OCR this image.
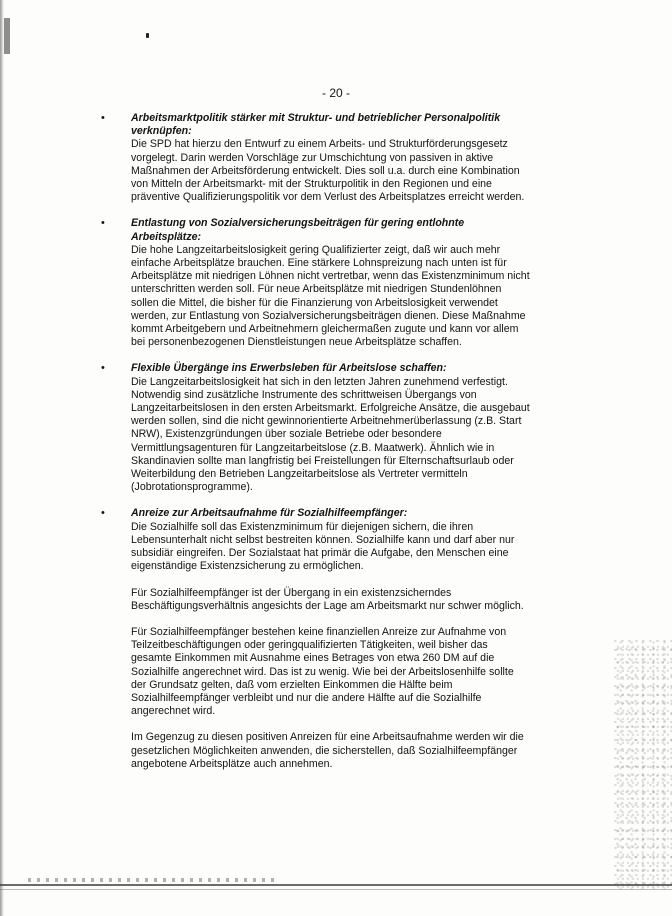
- 20 -
• Arbeitsmarktpolitik stärker mit Struktur- und betrieblicher Personalpolitik verknüpfen:

Die SPD hat hierzu den Entwurf zu einem Arbeits- und Strukturförderungsgesetz vorgelegt. Darin werden Vorschläge zur Umschichtung von passiven in aktive Maßnahmen der Arbeitsförderung entwickelt. Dies soll u.a. durch eine Kombination von Mitteln der Arbeitsmarkt- mit der Strukturpolitik in den Regionen und eine präventive Qualifizierungspolitik vor dem Verlust des Arbeitsplatzes erreicht werden.

• Entlastung von Sozialversicherungsbeiträgen für gering entlohnte Arbeitsplätze:

Die hohe Langzeitarbeitslosigkeit gering Qualifizierter zeigt, daß wir auch mehr einfache Arbeitsplätze brauchen. Eine stärkere Lohnspreizung nach unten ist für Arbeitsplätze mit niedrigen Löhnen nicht vertretbar, wenn das Existenzminimum nicht unterschritten werden soll. Für neue Arbeitsplätze mit niedrigen Stundenlöhnen sollen die Mittel, die bisher für die Finanzierung von Arbeitslosigkeit verwendet werden, zur Entlastung von Sozialversicherungsbeiträgen dienen. Diese Maßnahme kommt Arbeitgebern und Arbeitnehmern gleichermaßen zugute und kann vor allem bei personenbezogenen Dienstleistungen neue Arbeitsplätze schaffen.

• Flexible Übergänge ins Erwerbsleben für Arbeitslose schaffen:

Die Langzeitarbeitslosigkeit hat sich in den letzten Jahren zunehmend verfestigt. Notwendig sind zusätzliche Instrumente des schrittweisen Übergangs von Langzeitarbeitslosen in den ersten Arbeitsmarkt. Erfolgreiche Ansätze, die ausgebaut werden sollen, sind die nicht gewinnorientierte Arbeitnehmerüberlassung (z.B. Start NRW), Existenzgründungen über soziale Betriebe oder besondere Vermittlungsagenturen für Langzeitarbeitslose (z.B. Maatwerk). Ähnlich wie in Skandinavien sollte man langfristig bei Freistellungen für Elternschaftsurlaub oder Weiterbildung den Betrieben Langzeitarbeitslose als Vertreter vermitteln (Jobrotationsprogramme).

• Anreize zur Arbeitsaufnahme für Sozialhilfeempfänger:

Die Sozialhilfe soll das Existenzminimum für diejenigen sichern, die ihren Lebensunterhalt nicht selbst bestreiten können. Sozialhilfe kann und darf aber nur subsidiär eingreifen. Der Sozialstaat hat primär die Aufgabe, den Menschen eine eigenständige Existenzsicherung zu ermöglichen.

Für Sozialhilfeempfänger ist der Übergang in ein existenzsicherndes Beschäftigungsverhältnis angesichts der Lage am Arbeitsmarkt nur schwer möglich.

Für Sozialhilfeempfänger bestehen keine finanziellen Anreize zur Aufnahme von Teilzeitbeschäftigungen oder geringqualifizierten Tätigkeiten, weil bisher das gesamte Einkommen mit Ausnahme eines Betrages von etwa 260 DM auf die Sozialhilfe angerechnet wird. Das ist zu wenig. Wie bei der Arbeitslosenhilfe sollte der Grundsatz gelten, daß vom erzielten Einkommen die Hälfte beim Sozialhilfeempfänger verbleibt und nur die andere Hälfte auf die Sozialhilfe angerechnet wird.

Im Gegenzug zu diesen positiven Anreizen für eine Arbeitsaufnahme werden wir die gesetzlichen Möglichkeiten anwenden, die sicherstellen, daß Sozialhilfeempfänger angebotene Arbeitsplätze auch annehmen.
